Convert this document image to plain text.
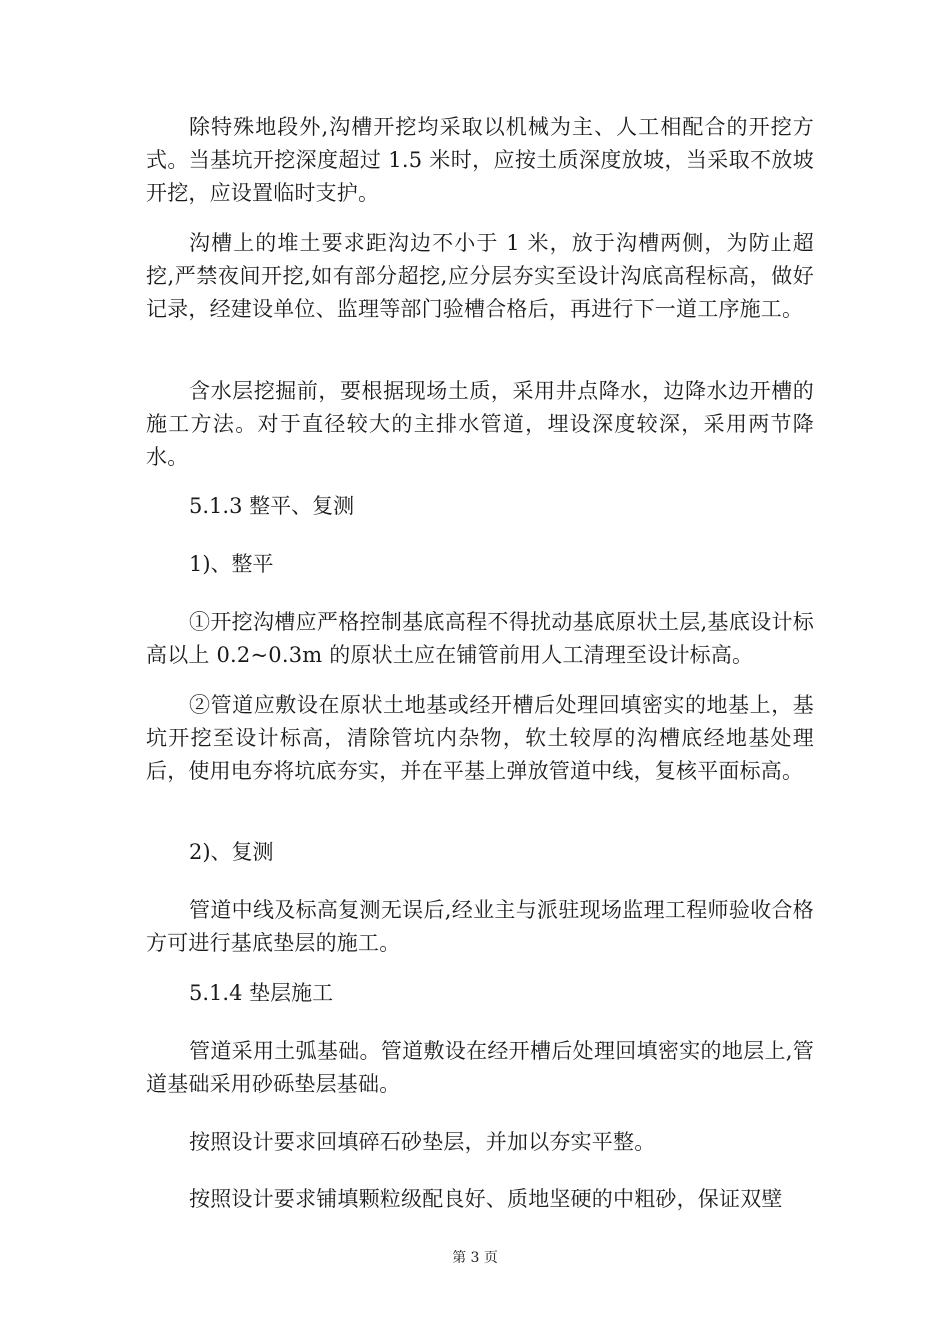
除特殊地段外,沟槽开挖均采取以机械为主、人工相配合的开挖方式。当基坑开挖深度超过 1.5 米时，应按土质深度放坡，当采取不放坡开挖，应设置临时支护。

沟槽上的堆土要求距沟边不小于 1 米，放于沟槽两侧，为防止超挖,严禁夜间开挖,如有部分超挖,应分层夯实至设计沟底高程标高，做好记录，经建设单位、监理等部门验槽合格后，再进行下一道工序施工。

含水层挖掘前，要根据现场土质，采用井点降水，边降水边开槽的施工方法。对于直径较大的主排水管道，埋设深度较深，采用两节降水。

5.1.3 整平、复测

1)、整平

①开挖沟槽应严格控制基底高程不得扰动基底原状土层,基底设计标高以上 0.2~0.3m 的原状土应在铺管前用人工清理至设计标高。

②管道应敷设在原状土地基或经开槽后处理回填密实的地基上，基坑开挖至设计标高，清除管坑内杂物，软土较厚的沟槽底经地基处理后，使用电夯将坑底夯实，并在平基上弹放管道中线，复核平面标高。

2)、复测

管道中线及标高复测无误后,经业主与派驻现场监理工程师验收合格方可进行基底垫层的施工。

5.1.4 垫层施工

管道采用土弧基础。管道敷设在经开槽后处理回填密实的地层上,管道基础采用砂砾垫层基础。

按照设计要求回填碎石砂垫层，并加以夯实平整。

按照设计要求铺填颗粒级配良好、质地坚硬的中粗砂，保证双壁

第 3 页
